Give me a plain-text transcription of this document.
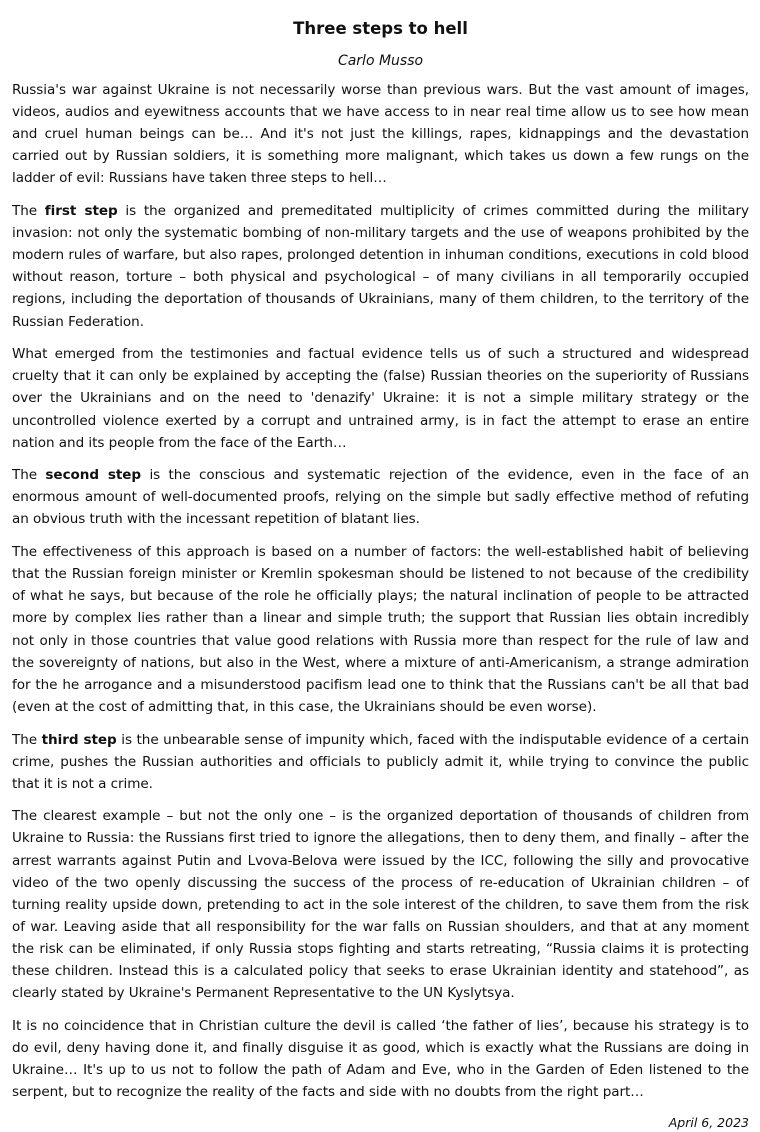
Three steps to hell
Carlo Musso

Russia's war against Ukraine is not necessarily worse than previous wars. But the vast amount of images, videos, audios and eyewitness accounts that we have access to in near real time allow us to see how mean and cruel human beings can be… And it's not just the killings, rapes, kidnappings and the devastation carried out by Russian soldiers, it is something more malignant, which takes us down a few rungs on the ladder of evil: Russians have taken three steps to hell…

The first step is the organized and premeditated multiplicity of crimes committed during the military invasion: not only the systematic bombing of non-military targets and the use of weapons prohibited by the modern rules of warfare, but also rapes, prolonged detention in inhuman conditions, executions in cold blood without reason, torture – both physical and psychological – of many civilians in all temporarily occupied regions, including the deportation of thousands of Ukrainians, many of them children, to the territory of the Russian Federation.

What emerged from the testimonies and factual evidence tells us of such a structured and widespread cruelty that it can only be explained by accepting the (false) Russian theories on the superiority of Russians over the Ukrainians and on the need to 'denazify' Ukraine: it is not a simple military strategy or the uncontrolled violence exerted by a corrupt and untrained army, is in fact the attempt to erase an entire nation and its people from the face of the Earth…

The second step is the conscious and systematic rejection of the evidence, even in the face of an enormous amount of well-documented proofs, relying on the simple but sadly effective method of refuting an obvious truth with the incessant repetition of blatant lies.

The effectiveness of this approach is based on a number of factors: the well-established habit of believing that the Russian foreign minister or Kremlin spokesman should be listened to not because of the credibility of what he says, but because of the role he officially plays; the natural inclination of people to be attracted more by complex lies rather than a linear and simple truth; the support that Russian lies obtain incredibly not only in those countries that value good relations with Russia more than respect for the rule of law and the sovereignty of nations, but also in the West, where a mixture of anti-Americanism, a strange admiration for the he arrogance and a misunderstood pacifism lead one to think that the Russians can't be all that bad (even at the cost of admitting that, in this case, the Ukrainians should be even worse).

The third step is the unbearable sense of impunity which, faced with the indisputable evidence of a certain crime, pushes the Russian authorities and officials to publicly admit it, while trying to convince the public that it is not a crime.

The clearest example – but not the only one – is the organized deportation of thousands of children from Ukraine to Russia: the Russians first tried to ignore the allegations, then to deny them, and finally – after the arrest warrants against Putin and Lvova-Belova were issued by the ICC, following the silly and provocative video of the two openly discussing the success of the process of re-education of Ukrainian children – of turning reality upside down, pretending to act in the sole interest of the children, to save them from the risk of war. Leaving aside that all responsibility for the war falls on Russian shoulders, and that at any moment the risk can be eliminated, if only Russia stops fighting and starts retreating, “Russia claims it is protecting these children. Instead this is a calculated policy that seeks to erase Ukrainian identity and statehood”, as clearly stated by Ukraine's Permanent Representative to the UN Kyslytsya.

It is no coincidence that in Christian culture the devil is called ‘the father of lies’, because his strategy is to do evil, deny having done it, and finally disguise it as good, which is exactly what the Russians are doing in Ukraine… It's up to us not to follow the path of Adam and Eve, who in the Garden of Eden listened to the serpent, but to recognize the reality of the facts and side with no doubts from the right part…

April 6, 2023
